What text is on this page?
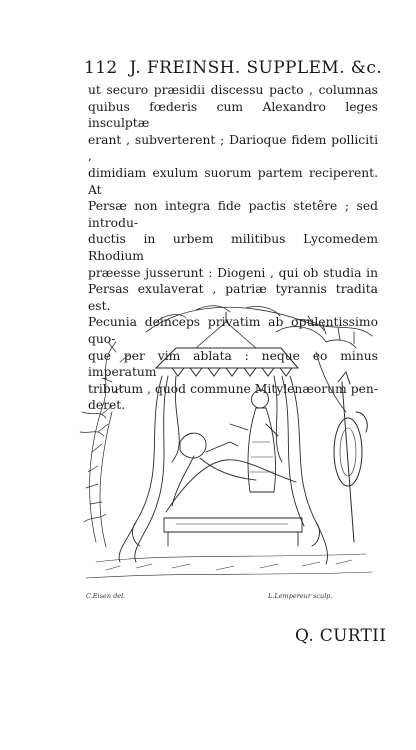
112 J. FREINSH. SUPPLEM. &c.
ut securo præsidii discessu pacto , columnas
quibus fœderis cum Alexandro leges insculptæ
erant , subverterent ; Darioque fidem polliciti ,
dimidiam exulum suorum partem reciperent. At
Persæ non integra fide pactis stetêre ; sed introdu-
ductis in urbem militibus Lycomedem Rhodium
præesse jusserunt : Diogeni , qui ob studia in
Persas exulaverat , patriæ tyrannis tradita est.
Pecunia deinceps privatim ab opulentissimo quo-
que per vim ablata : neque eo minus imperatum
tributum , quod commune Mitylenæorum pen-
deret.
C.Eisen del.	L.Lempereur sculp.
Q. CURTII
